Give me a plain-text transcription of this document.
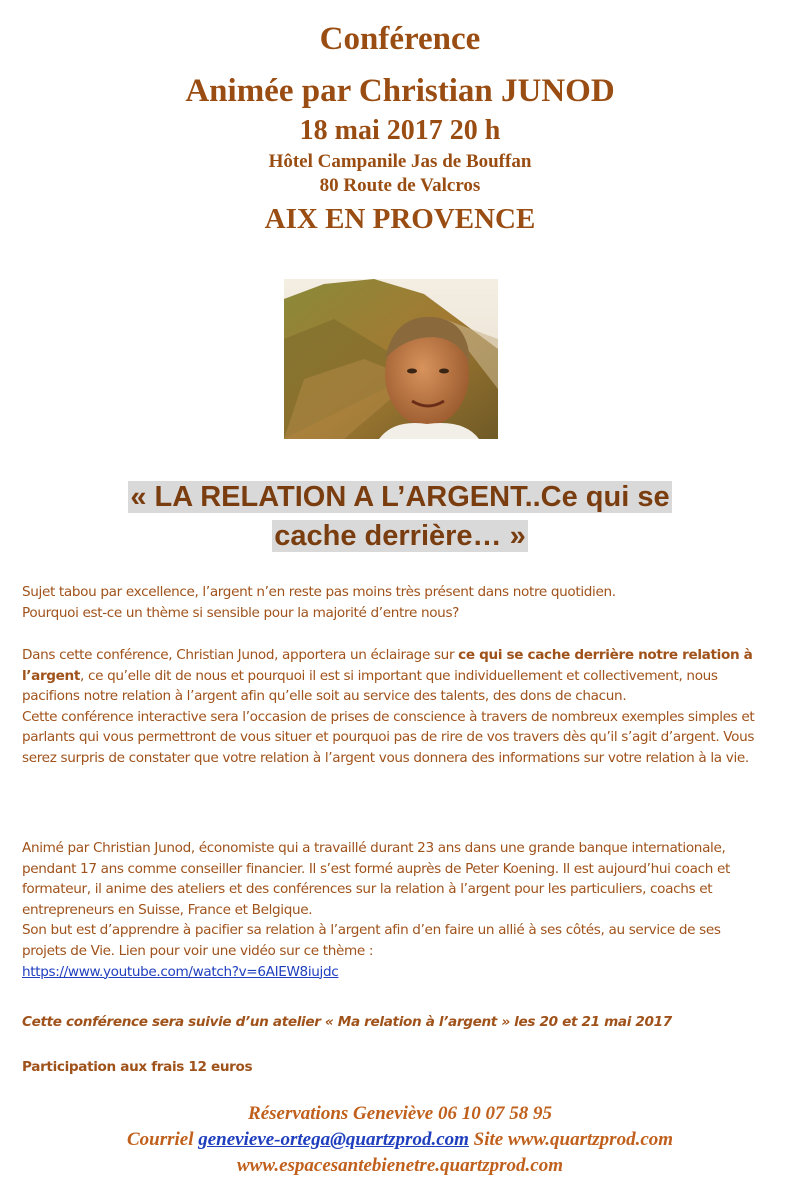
Conférence
Animée par Christian JUNOD
18 mai 2017 20 h
Hôtel Campanile Jas de Bouffan
80 Route de Valcros
AIX EN PROVENCE
« LA RELATION A L’ARGENT..Ce qui se
cache derrière… »
Sujet tabou par excellence, l’argent n’en reste pas moins très présent dans notre quotidien.
Pourquoi est-ce un thème si sensible pour la majorité d’entre nous?
Dans cette conférence, Christian Junod, apportera un éclairage sur ce qui se cache derrière notre relation à l’argent, ce qu’elle dit de nous et pourquoi il est si important que individuellement et collectivement, nous pacifions notre relation à l’argent afin qu’elle soit au service des talents, des dons de chacun.
Cette conférence interactive sera l’occasion de prises de conscience à travers de nombreux exemples simples et parlants qui vous permettront de vous situer et pourquoi pas de rire de vos travers dès qu’il s’agit d’argent. Vous serez surpris de constater que votre relation à l’argent vous donnera des informations sur votre relation à la vie.
Animé par Christian Junod, économiste qui a travaillé durant 23 ans dans une grande banque internationale, pendant 17 ans comme conseiller financier. Il s’est formé auprès de Peter Koening. Il est aujourd’hui coach et formateur, il anime des ateliers et des conférences sur la relation à l’argent pour les particuliers, coachs et entrepreneurs en Suisse, France et Belgique.
Son but est d’apprendre à pacifier sa relation à l’argent afin d’en faire un allié à ses côtés, au service de ses projets de Vie. Lien pour voir une vidéo sur ce thème :
https://www.youtube.com/watch?v=6AIEW8iujdc
Cette conférence sera suivie d’un atelier « Ma relation à l’argent » les 20 et 21 mai 2017
Participation aux frais 12 euros
Réservations Geneviève 06 10 07 58 95
Courriel genevieve-ortega@quartzprod.com Site www.quartzprod.com
www.espacesantebienetre.quartzprod.com
